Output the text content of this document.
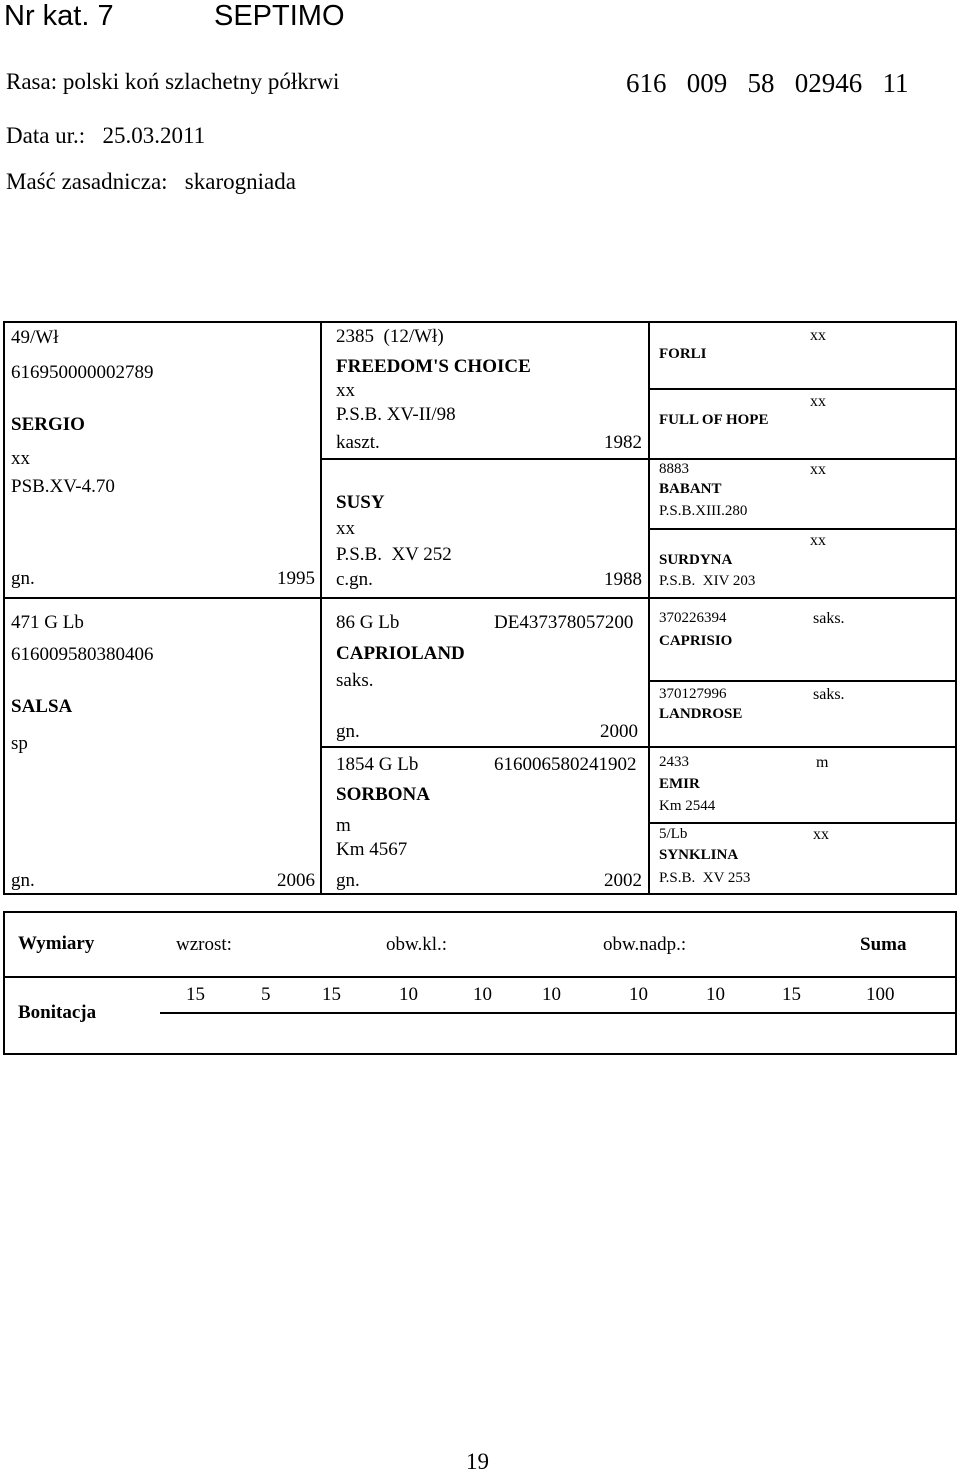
Nr kat. 7	SEPTIMO
Rasa: polski koń szlachetny półkrwi	616   009   58   02946   11
Data ur.:   25.03.2011
Maść zasadnicza:   skarogniada
49/Wł
616950000002789
SERGIO
xx
PSB.XV-4.70
gn.	1995
2385  (12/Wł)
FREEDOM'S CHOICE
xx
P.S.B. XV-II/98
kaszt.	1982
SUSY
xx
P.S.B.  XV 252
c.gn.	1988
FORLI
xx
FULL OF HOPE
xx
8883
BABANT
P.S.B.XIII.280
xx
SURDYNA
P.S.B.  XIV 203
xx
471 G Lb
616009580380406
SALSA
sp
gn.	2006
86 G Lb	DE437378057200
CAPRIOLAND
saks.
gn.	2000
1854 G Lb	616006580241902
SORBONA
m
Km 4567
gn.	2002
370226394
CAPRISIO
saks.
370127996
LANDROSE
saks.
2433
EMIR
Km 2544
m
5/Lb
SYNKLINA
P.S.B.  XV 253
xx
Wymiary	wzrost:	obw.kl.:	obw.nadp.:	Suma
Bonitacja
15	5	15	10	10	10	10	10	15	100
19
